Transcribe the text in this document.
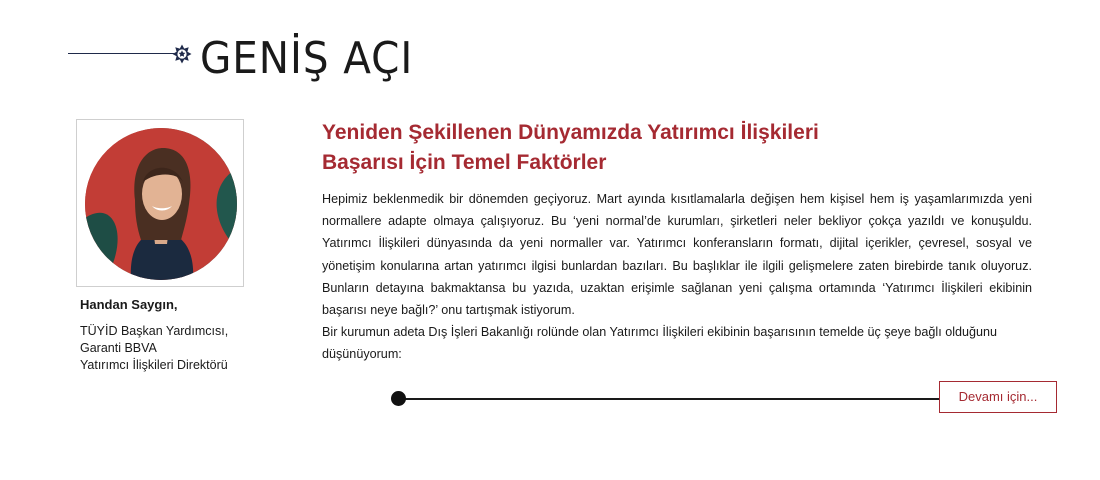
GENİŞ AÇI
Handan Saygın,
TÜYİD Başkan Yardımcısı,
Garanti BBVA
Yatırımcı İlişkileri Direktörü
Yeniden Şekillenen Dünyamızda Yatırımcı İlişkileri
Başarısı İçin Temel Faktörler

Hepimiz beklenmedik bir dönemden geçiyoruz. Mart ayında kısıtlamalarla değişen hem kişisel hem iş yaşamlarımızda yeni normallere adapte olmaya çalışıyoruz. Bu ‘yeni normal’de kurumları, şirketleri neler bekliyor çokça yazıldı ve konuşuldu. Yatırımcı İlişkileri dünyasında da yeni normaller var. Yatırımcı konferansların formatı, dijital içerikler, çevresel, sosyal ve yönetişim konularına artan yatırımcı ilgisi bunlardan bazıları. Bu başlıklar ile ilgili gelişmelere zaten birebirde tanık oluyoruz. Bunların detayına bakmaktansa bu yazıda, uzaktan erişimle sağlanan yeni çalışma ortamında ‘Yatırımcı İlişkileri ekibinin başarısı neye bağlı?’ onu tartışmak istiyorum.

Bir kurumun adeta Dış İşleri Bakanlığı rolünde olan Yatırımcı İlişkileri ekibinin başarısının temelde üç şeye bağlı olduğunu düşünüyorum:

Devamı için...
